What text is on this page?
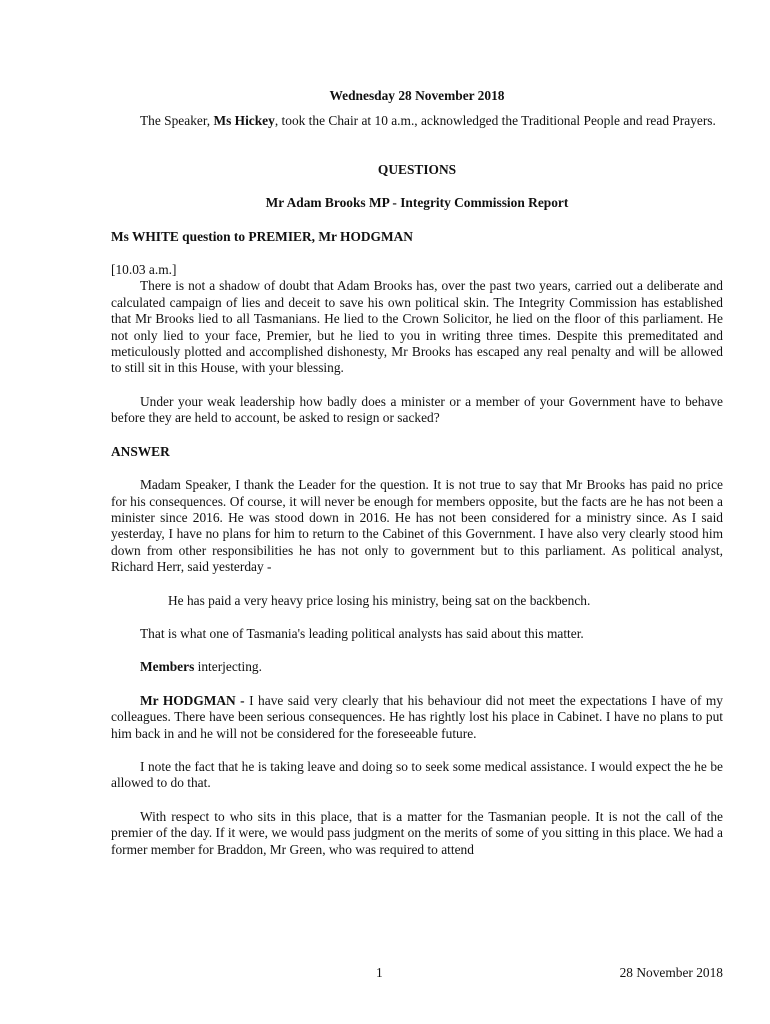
Wednesday 28 November 2018

The Speaker, Ms Hickey, took the Chair at 10 a.m., acknowledged the Traditional People and read Prayers.

QUESTIONS
Mr Adam Brooks MP - Integrity Commission Report
Ms WHITE question to PREMIER, Mr HODGMAN
[10.03 a.m.]

There is not a shadow of doubt that Adam Brooks has, over the past two years, carried out a deliberate and calculated campaign of lies and deceit to save his own political skin. The Integrity Commission has established that Mr Brooks lied to all Tasmanians. He lied to the Crown Solicitor, he lied on the floor of this parliament. He not only lied to your face, Premier, but he lied to you in writing three times. Despite this premeditated and meticulously plotted and accomplished dishonesty, Mr Brooks has escaped any real penalty and will be allowed to still sit in this House, with your blessing.

Under your weak leadership how badly does a minister or a member of your Government have to behave before they are held to account, be asked to resign or sacked?

ANSWER

Madam Speaker, I thank the Leader for the question. It is not true to say that Mr Brooks has paid no price for his consequences. Of course, it will never be enough for members opposite, but the facts are he has not been a minister since 2016. He was stood down in 2016. He has not been considered for a ministry since. As I said yesterday, I have no plans for him to return to the Cabinet of this Government. I have also very clearly stood him down from other responsibilities he has not only to government but to this parliament. As political analyst, Richard Herr, said yesterday -

He has paid a very heavy price losing his ministry, being sat on the backbench.

That is what one of Tasmania's leading political analysts has said about this matter.

Members interjecting.

Mr HODGMAN - I have said very clearly that his behaviour did not meet the expectations I have of my colleagues. There have been serious consequences. He has rightly lost his place in Cabinet. I have no plans to put him back in and he will not be considered for the foreseeable future.

I note the fact that he is taking leave and doing so to seek some medical assistance. I would expect the he be allowed to do that.

With respect to who sits in this place, that is a matter for the Tasmanian people. It is not the call of the premier of the day. If it were, we would pass judgment on the merits of some of you sitting in this place. We had a former member for Braddon, Mr Green, who was required to attend

1	28 November 2018
